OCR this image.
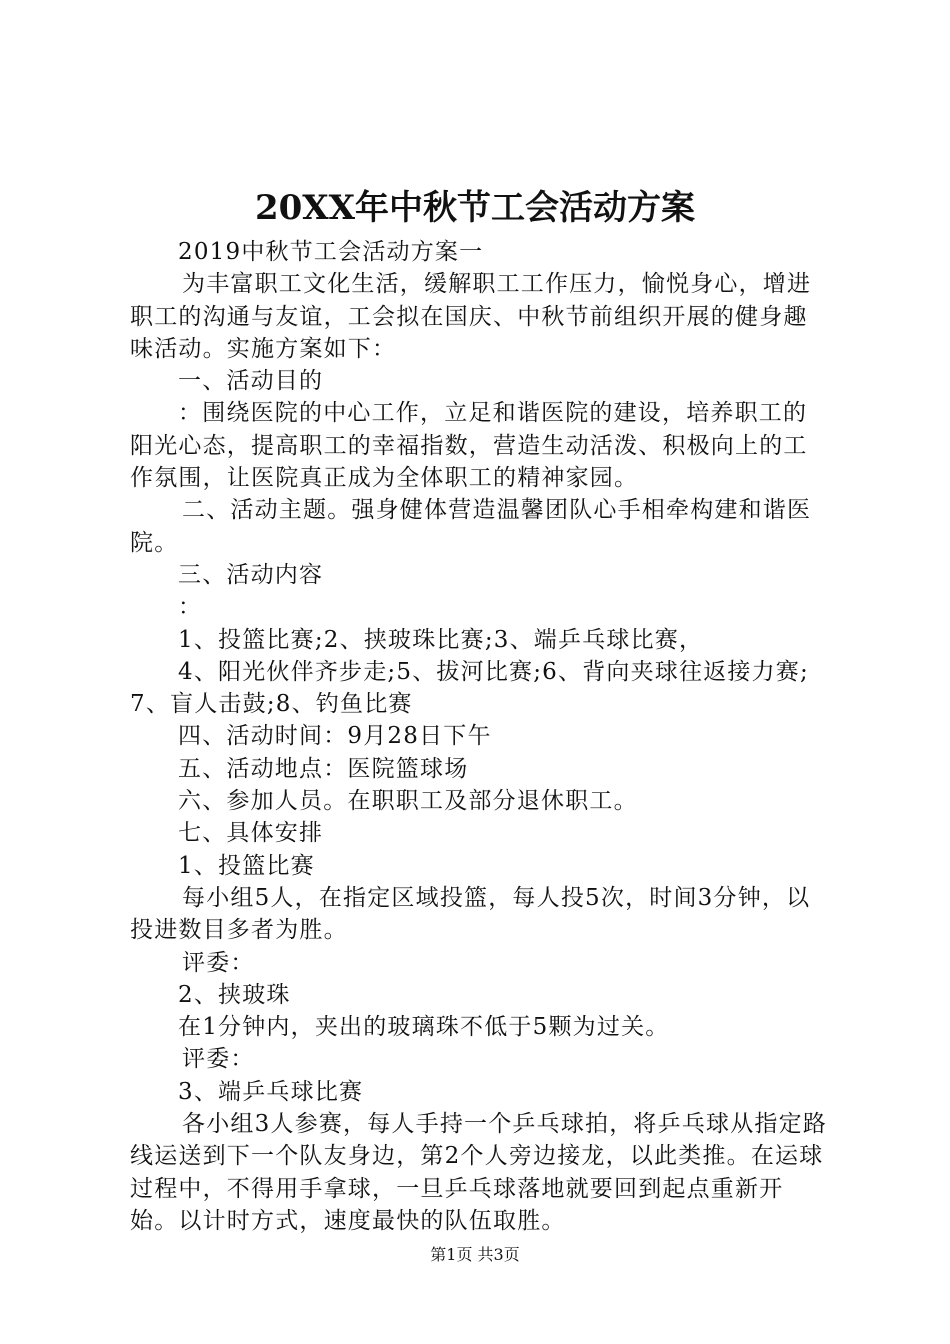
20XX年中秋节工会活动方案

2019中秋节工会活动方案一

为丰富职工文化生活，缓解职工工作压力，愉悦身心，增进职工的沟通与友谊，工会拟在国庆、中秋节前组织开展的健身趣味活动。实施方案如下：

一、活动目的

：围绕医院的中心工作，立足和谐医院的建设，培养职工的阳光心态，提高职工的幸福指数，营造生动活泼、积极向上的工作氛围，让医院真正成为全体职工的精神家园。

二、活动主题。强身健体营造温馨团队心手相牵构建和谐医院。

三、活动内容

：

1、投篮比赛;2、挟玻珠比赛;3、端乒乓球比赛，

4、阳光伙伴齐步走;5、拔河比赛;6、背向夹球往返接力赛;7、盲人击鼓;8、钓鱼比赛

四、活动时间：9月28日下午

五、活动地点：医院篮球场

六、参加人员。在职职工及部分退休职工。

七、具体安排

1、投篮比赛

每小组5人，在指定区域投篮，每人投5次，时间3分钟，以投进数目多者为胜。

评委：

2、挟玻珠

在1分钟内，夹出的玻璃珠不低于5颗为过关。

评委：

3、端乒乓球比赛

各小组3人参赛，每人手持一个乒乓球拍，将乒乓球从指定路线运送到下一个队友身边，第2个人旁边接龙，以此类推。在运球过程中，不得用手拿球，一旦乒乓球落地就要回到起点重新开始。以计时方式，速度最快的队伍取胜。

第1页 共3页
